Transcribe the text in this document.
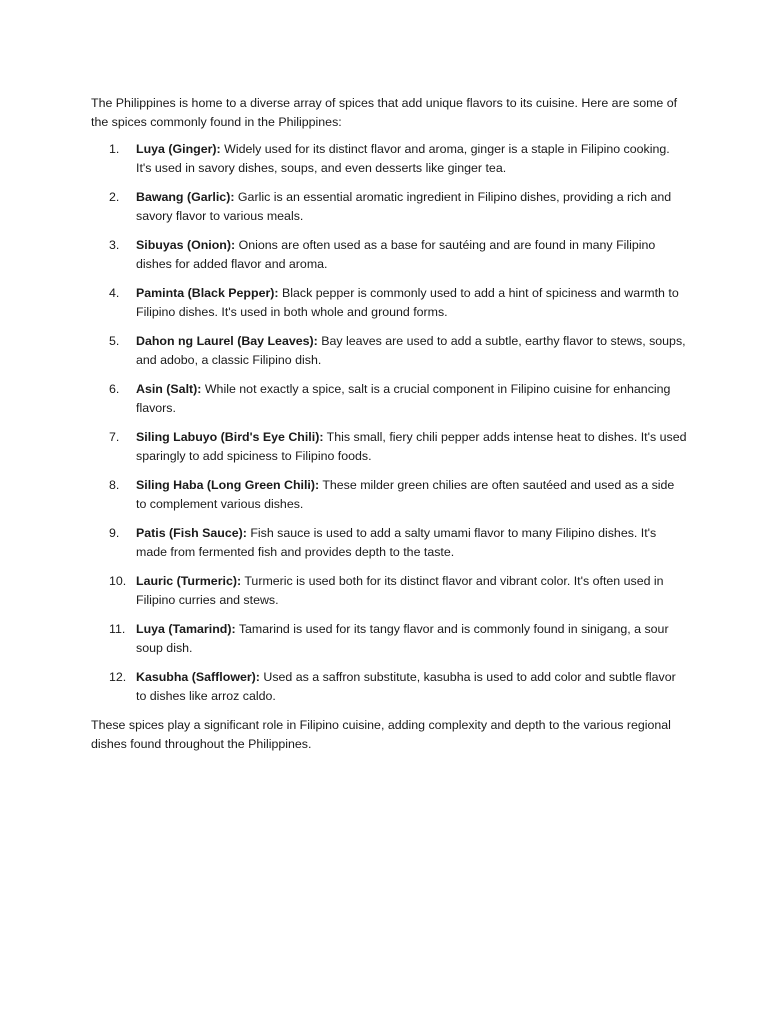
The Philippines is home to a diverse array of spices that add unique flavors to its cuisine. Here are some of the spices commonly found in the Philippines:

1.	Luya (Ginger): Widely used for its distinct flavor and aroma, ginger is a staple in Filipino cooking. It's used in savory dishes, soups, and even desserts like ginger tea.
2.	Bawang (Garlic): Garlic is an essential aromatic ingredient in Filipino dishes, providing a rich and savory flavor to various meals.
3.	Sibuyas (Onion): Onions are often used as a base for sautéing and are found in many Filipino dishes for added flavor and aroma.
4.	Paminta (Black Pepper): Black pepper is commonly used to add a hint of spiciness and warmth to Filipino dishes. It's used in both whole and ground forms.
5.	Dahon ng Laurel (Bay Leaves): Bay leaves are used to add a subtle, earthy flavor to stews, soups, and adobo, a classic Filipino dish.
6.	Asin (Salt): While not exactly a spice, salt is a crucial component in Filipino cuisine for enhancing flavors.
7.	Siling Labuyo (Bird's Eye Chili): This small, fiery chili pepper adds intense heat to dishes. It's used sparingly to add spiciness to Filipino foods.
8.	Siling Haba (Long Green Chili): These milder green chilies are often sautéed and used as a side to complement various dishes.
9.	Patis (Fish Sauce): Fish sauce is used to add a salty umami flavor to many Filipino dishes. It's made from fermented fish and provides depth to the taste.
10. Lauric (Turmeric): Turmeric is used both for its distinct flavor and vibrant color. It's often used in Filipino curries and stews.
11. Luya (Tamarind): Tamarind is used for its tangy flavor and is commonly found in sinigang, a sour soup dish.
12. Kasubha (Safflower): Used as a saffron substitute, kasubha is used to add color and subtle flavor to dishes like arroz caldo.

These spices play a significant role in Filipino cuisine, adding complexity and depth to the various regional dishes found throughout the Philippines.
